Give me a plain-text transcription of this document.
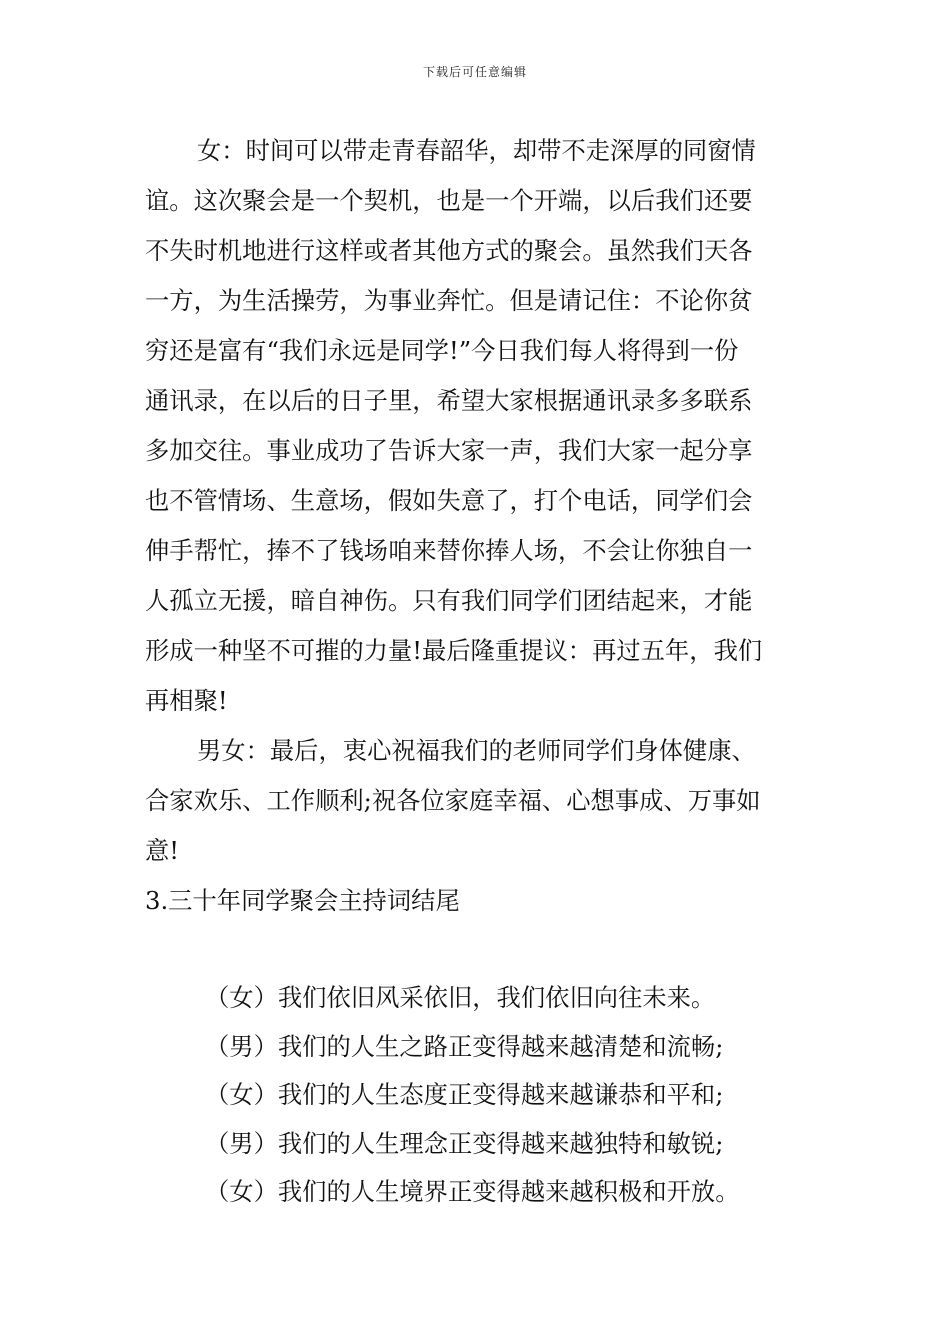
下载后可任意编辑
女：时间可以带走青春韶华，却带不走深厚的同窗情
谊。这次聚会是一个契机，也是一个开端，以后我们还要
不失时机地进行这样或者其他方式的聚会。虽然我们天各
一方，为生活操劳，为事业奔忙。但是请记住：不论你贫
穷还是富有“我们永远是同学!”今日我们每人将得到一份
通讯录，在以后的日子里，希望大家根据通讯录多多联系
多加交往。事业成功了告诉大家一声，我们大家一起分享
也不管情场、生意场，假如失意了，打个电话，同学们会
伸手帮忙，捧不了钱场咱来替你捧人场，不会让你独自一
人孤立无援，暗自神伤。只有我们同学们团结起来，才能
形成一种坚不可摧的力量!最后隆重提议：再过五年，我们
再相聚!
男女：最后，衷心祝福我们的老师同学们身体健康、
合家欢乐、工作顺利;祝各位家庭幸福、心想事成、万事如
意!
3.三十年同学聚会主持词结尾
（女）我们依旧风采依旧，我们依旧向往未来。
（男）我们的人生之路正变得越来越清楚和流畅;
（女）我们的人生态度正变得越来越谦恭和平和;
（男）我们的人生理念正变得越来越独特和敏锐;
（女）我们的人生境界正变得越来越积极和开放。
